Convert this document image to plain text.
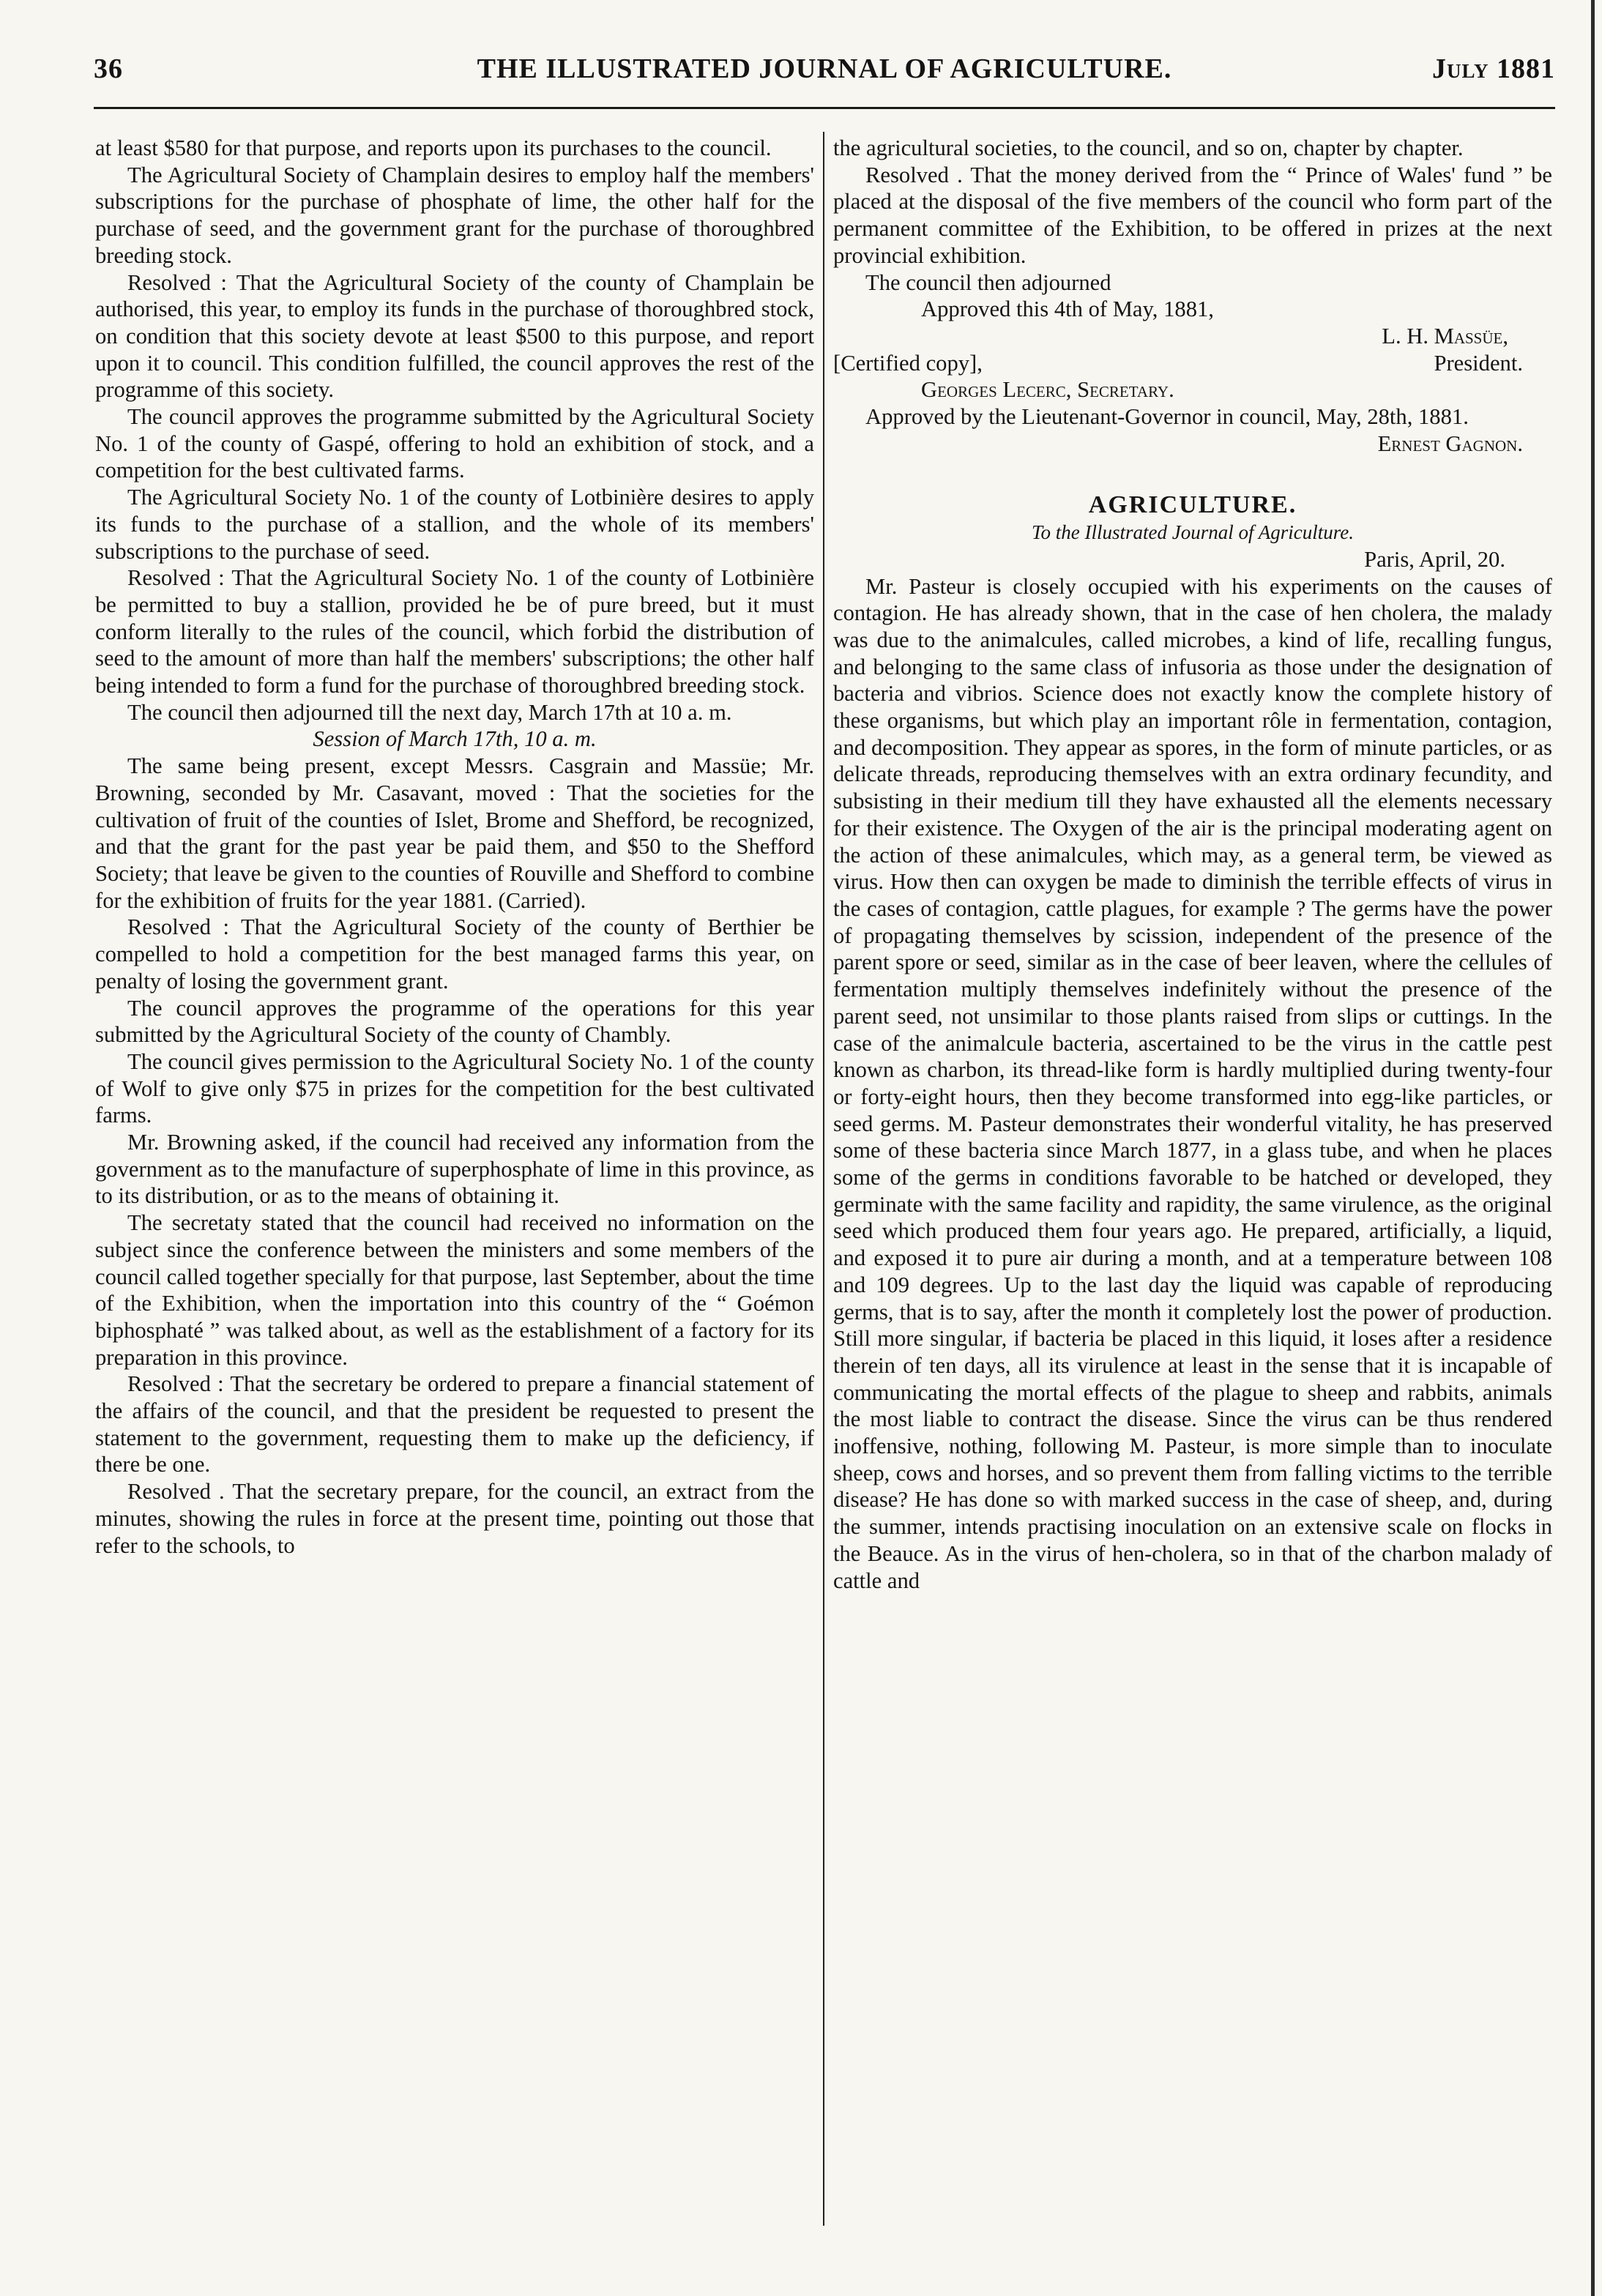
36	THE ILLUSTRATED JOURNAL OF AGRICULTURE.	July 1881

at least $580 for that purpose, and reports upon its purchases to the council.

The Agricultural Society of Champlain desires to employ half the members' subscriptions for the purchase of phosphate of lime, the other half for the purchase of seed, and the government grant for the purchase of thoroughbred breeding stock.

Resolved : That the Agricultural Society of the county of Champlain be authorised, this year, to employ its funds in the purchase of thoroughbred stock, on condition that this society devote at least $500 to this purpose, and report upon it to council. This condition fulfilled, the council approves the rest of the programme of this society.

The council approves the programme submitted by the Agricultural Society No. 1 of the county of Gaspé, offering to hold an exhibition of stock, and a competition for the best cultivated farms.

The Agricultural Society No. 1 of the county of Lotbinière desires to apply its funds to the purchase of a stallion, and the whole of its members' subscriptions to the purchase of seed.

Resolved : That the Agricultural Society No. 1 of the county of Lotbinière be permitted to buy a stallion, provided he be of pure breed, but it must conform literally to the rules of the council, which forbid the distribution of seed to the amount of more than half the members' subscriptions; the other half being intended to form a fund for the purchase of thoroughbred breeding stock.

The council then adjourned till the next day, March 17th at 10 a. m.

Session of March 17th, 10 a. m.

The same being present, except Messrs. Casgrain and Massüe; Mr. Browning, seconded by Mr. Casavant, moved : That the societies for the cultivation of fruit of the counties of Islet, Brome and Shefford, be recognized, and that the grant for the past year be paid them, and $50 to the Shefford Society; that leave be given to the counties of Rouville and Shefford to combine for the exhibition of fruits for the year 1881. (Carried).

Resolved : That the Agricultural Society of the county of Berthier be compelled to hold a competition for the best managed farms this year, on penalty of losing the government grant.

The council approves the programme of the operations for this year submitted by the Agricultural Society of the county of Chambly.

The council gives permission to the Agricultural Society No. 1 of the county of Wolf to give only $75 in prizes for the competition for the best cultivated farms.

Mr. Browning asked, if the council had received any information from the government as to the manufacture of superphosphate of lime in this province, as to its distribution, or as to the means of obtaining it.

The secretaty stated that the council had received no information on the subject since the conference between the ministers and some members of the council called together specially for that purpose, last September, about the time of the Exhibition, when the importation into this country of the “ Goémon biphosphaté ” was talked about, as well as the establishment of a factory for its preparation in this province.

Resolved : That the secretary be ordered to prepare a financial statement of the affairs of the council, and that the president be requested to present the statement to the government, requesting them to make up the deficiency, if there be one.

Resolved . That the secretary prepare, for the council, an extract from the minutes, showing the rules in force at the present time, pointing out those that refer to the schools, to

the agricultural societies, to the council, and so on, chapter by chapter.

Resolved . That the money derived from the “ Prince of Wales' fund ” be placed at the disposal of the five members of the council who form part of the permanent committee of the Exhibition, to be offered in prizes at the next provincial exhibition.

The council then adjourned

Approved this 4th of May, 1881,

L. H. Massüe,

[Certified copy],	President.

Georges Lecerc, Secretary.

Approved by the Lieutenant-Governor in council, May, 28th, 1881.

Ernest Gagnon.

AGRICULTURE.

To the Illustrated Journal of Agriculture.

Paris, April, 20.

Mr. Pasteur is closely occupied with his experiments on the causes of contagion. He has already shown, that in the case of hen cholera, the malady was due to the animalcules, called microbes, a kind of life, recalling fungus, and belonging to the same class of infusoria as those under the designation of bacteria and vibrios. Science does not exactly know the complete history of these organisms, but which play an important rôle in fermentation, contagion, and decomposition. They appear as spores, in the form of minute particles, or as delicate threads, reproducing themselves with an extra ordinary fecundity, and subsisting in their medium till they have exhausted all the elements necessary for their existence. The Oxygen of the air is the principal moderating agent on the action of these animalcules, which may, as a general term, be viewed as virus. How then can oxygen be made to diminish the terrible effects of virus in the cases of contagion, cattle plagues, for example ? The germs have the power of propagating themselves by scission, independent of the presence of the parent spore or seed, similar as in the case of beer leaven, where the cellules of fermentation multiply themselves indefinitely without the presence of the parent seed, not unsimilar to those plants raised from slips or cuttings. In the case of the animalcule bacteria, ascertained to be the virus in the cattle pest known as charbon, its thread-like form is hardly multiplied during twenty-four or forty-eight hours, then they become transformed into egg-like particles, or seed germs. M. Pasteur demonstrates their wonderful vitality, he has preserved some of these bacteria since March 1877, in a glass tube, and when he places some of the germs in conditions favorable to be hatched or developed, they germinate with the same facility and rapidity, the same virulence, as the original seed which produced them four years ago. He prepared, artificially, a liquid, and exposed it to pure air during a month, and at a temperature between 108 and 109 degrees. Up to the last day the liquid was capable of reproducing germs, that is to say, after the month it completely lost the power of production. Still more singular, if bacteria be placed in this liquid, it loses after a residence therein of ten days, all its virulence at least in the sense that it is incapable of communicating the mortal effects of the plague to sheep and rabbits, animals the most liable to contract the disease. Since the virus can be thus rendered inoffensive, nothing, following M. Pasteur, is more simple than to inoculate sheep, cows and horses, and so prevent them from falling victims to the terrible disease? He has done so with marked success in the case of sheep, and, during the summer, intends practising inoculation on an extensive scale on flocks in the Beauce. As in the virus of hen-cholera, so in that of the charbon malady of cattle and
